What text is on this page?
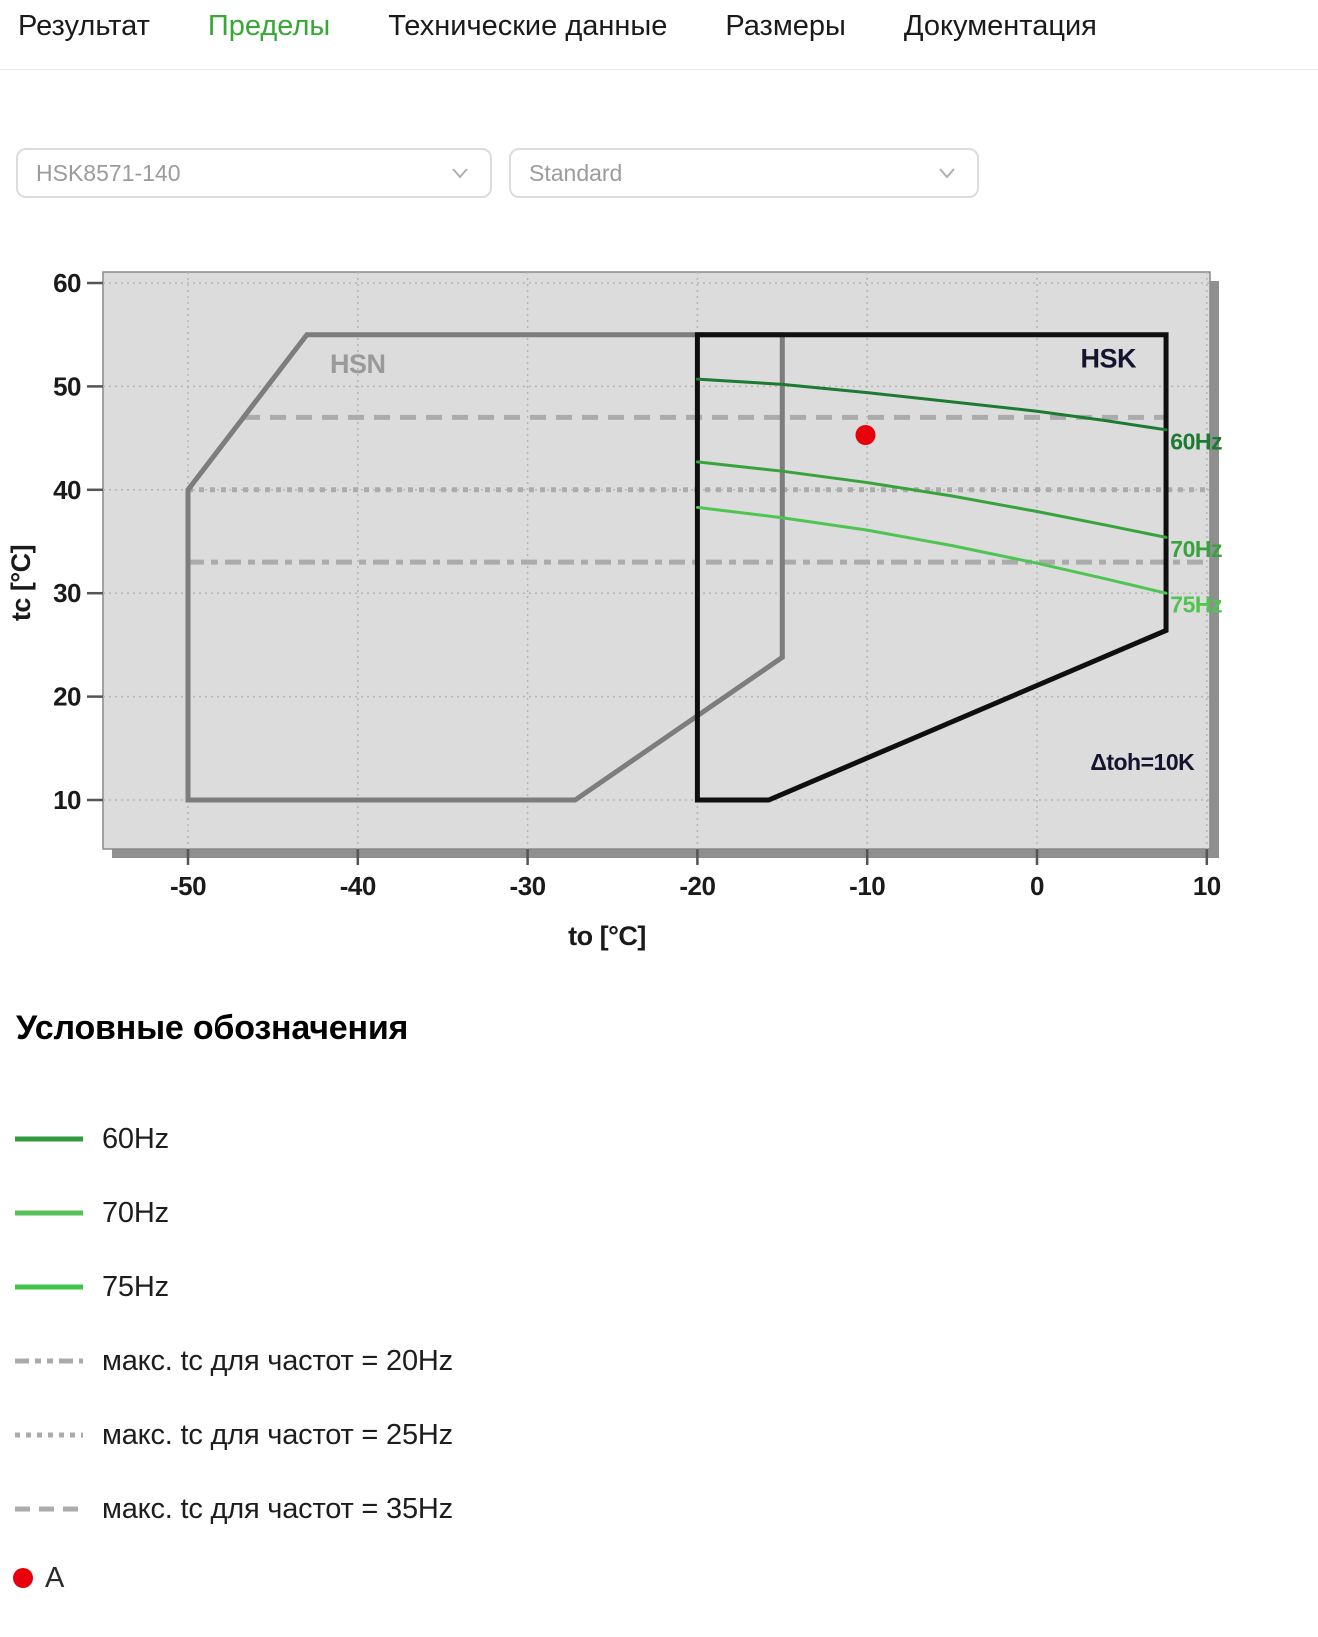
Результат Пределы Технические данные Размеры Документация
HSK8571-140	Standard
HSN	HSK
60Hz
70Hz
75Hz
Δtoh=10K
-50	-40	-30	-20	-10	0	10
10
20
30
40
50
60
to [°C]
tc [°C]
Условные обозначения
60Hz
70Hz
75Hz
макс. tc для частот = 20Hz
макс. tc для частот = 25Hz
макс. tc для частот = 35Hz
A
